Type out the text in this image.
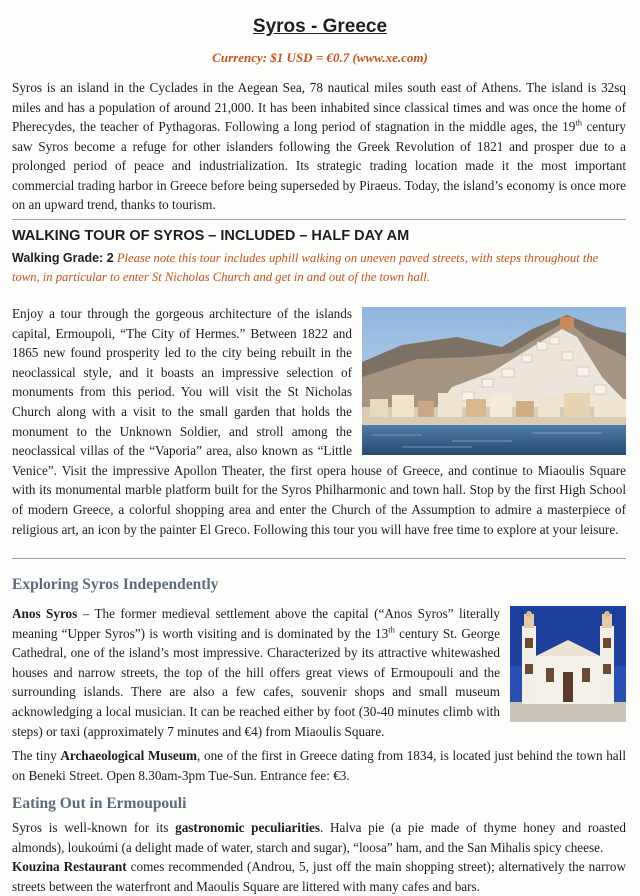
Syros - Greece
Currency: $1 USD = €0.7 (www.xe.com)
Syros is an island in the Cyclades in the Aegean Sea, 78 nautical miles south east of Athens. The island is 32sq miles and has a population of around 21,000. It has been inhabited since classical times and was once the home of Pherecydes, the teacher of Pythagoras. Following a long period of stagnation in the middle ages, the 19th century saw Syros become a refuge for other islanders following the Greek Revolution of 1821 and prosper due to a prolonged period of peace and industrialization. Its strategic trading location made it the most important commercial trading harbor in Greece before being superseded by Piraeus. Today, the island’s economy is once more on an upward trend, thanks to tourism.
WALKING TOUR OF SYROS – INCLUDED – HALF DAY AM
Walking Grade: 2 Please note this tour includes uphill walking on uneven paved streets, with steps throughout the town, in particular to enter St Nicholas Church and get in and out of the town hall.
Enjoy a tour through the gorgeous architecture of the islands capital, Ermoupoli, “The City of Hermes.” Between 1822 and 1865 new found prosperity led to the city being rebuilt in the neoclassical style, and it boasts an impressive selection of monuments from this period. You will visit the St Nicholas Church along with a visit to the small garden that holds the monument to the Unknown Soldier, and stroll among the neoclassical villas of the “Vaporia” area, also known as “Little Venice”. Visit the impressive Apollon Theater, the first opera house of Greece, and continue to Miaoulis Square with its monumental marble platform built for the Syros Philharmonic and town hall. Stop by the first High School of modern Greece, a colorful shopping area and enter the Church of the Assumption to admire a masterpiece of religious art, an icon by the painter El Greco. Following this tour you will have free time to explore at your leisure.
Exploring Syros Independently
Anos Syros – The former medieval settlement above the capital (“Anos Syros” literally meaning “Upper Syros”) is worth visiting and is dominated by the 13th century St. George Cathedral, one of the island’s most impressive. Characterized by its attractive whitewashed houses and narrow streets, the top of the hill offers great views of Ermoupouli and the surrounding islands. There are also a few cafes, souvenir shops and small museum acknowledging a local musician. It can be reached either by foot (30-40 minutes climb with steps) or taxi (approximately 7 minutes and €4) from Miaoulis Square.
The tiny Archaeological Museum, one of the first in Greece dating from 1834, is located just behind the town hall on Beneki Street. Open 8.30am-3pm Tue-Sun. Entrance fee: €3.
Eating Out in Ermoupouli

Syros is well-known for its gastronomic peculiarities. Halva pie (a pie made of thyme honey and roasted almonds), loukoúmi (a delight made of water, starch and sugar), “loosa” ham, and the San Mihalis spicy cheese.

Kouzina Restaurant comes recommended (Androu, 5, just off the main shopping street); alternatively the narrow streets between the waterfront and Maoulis Square are littered with many cafes and bars.
